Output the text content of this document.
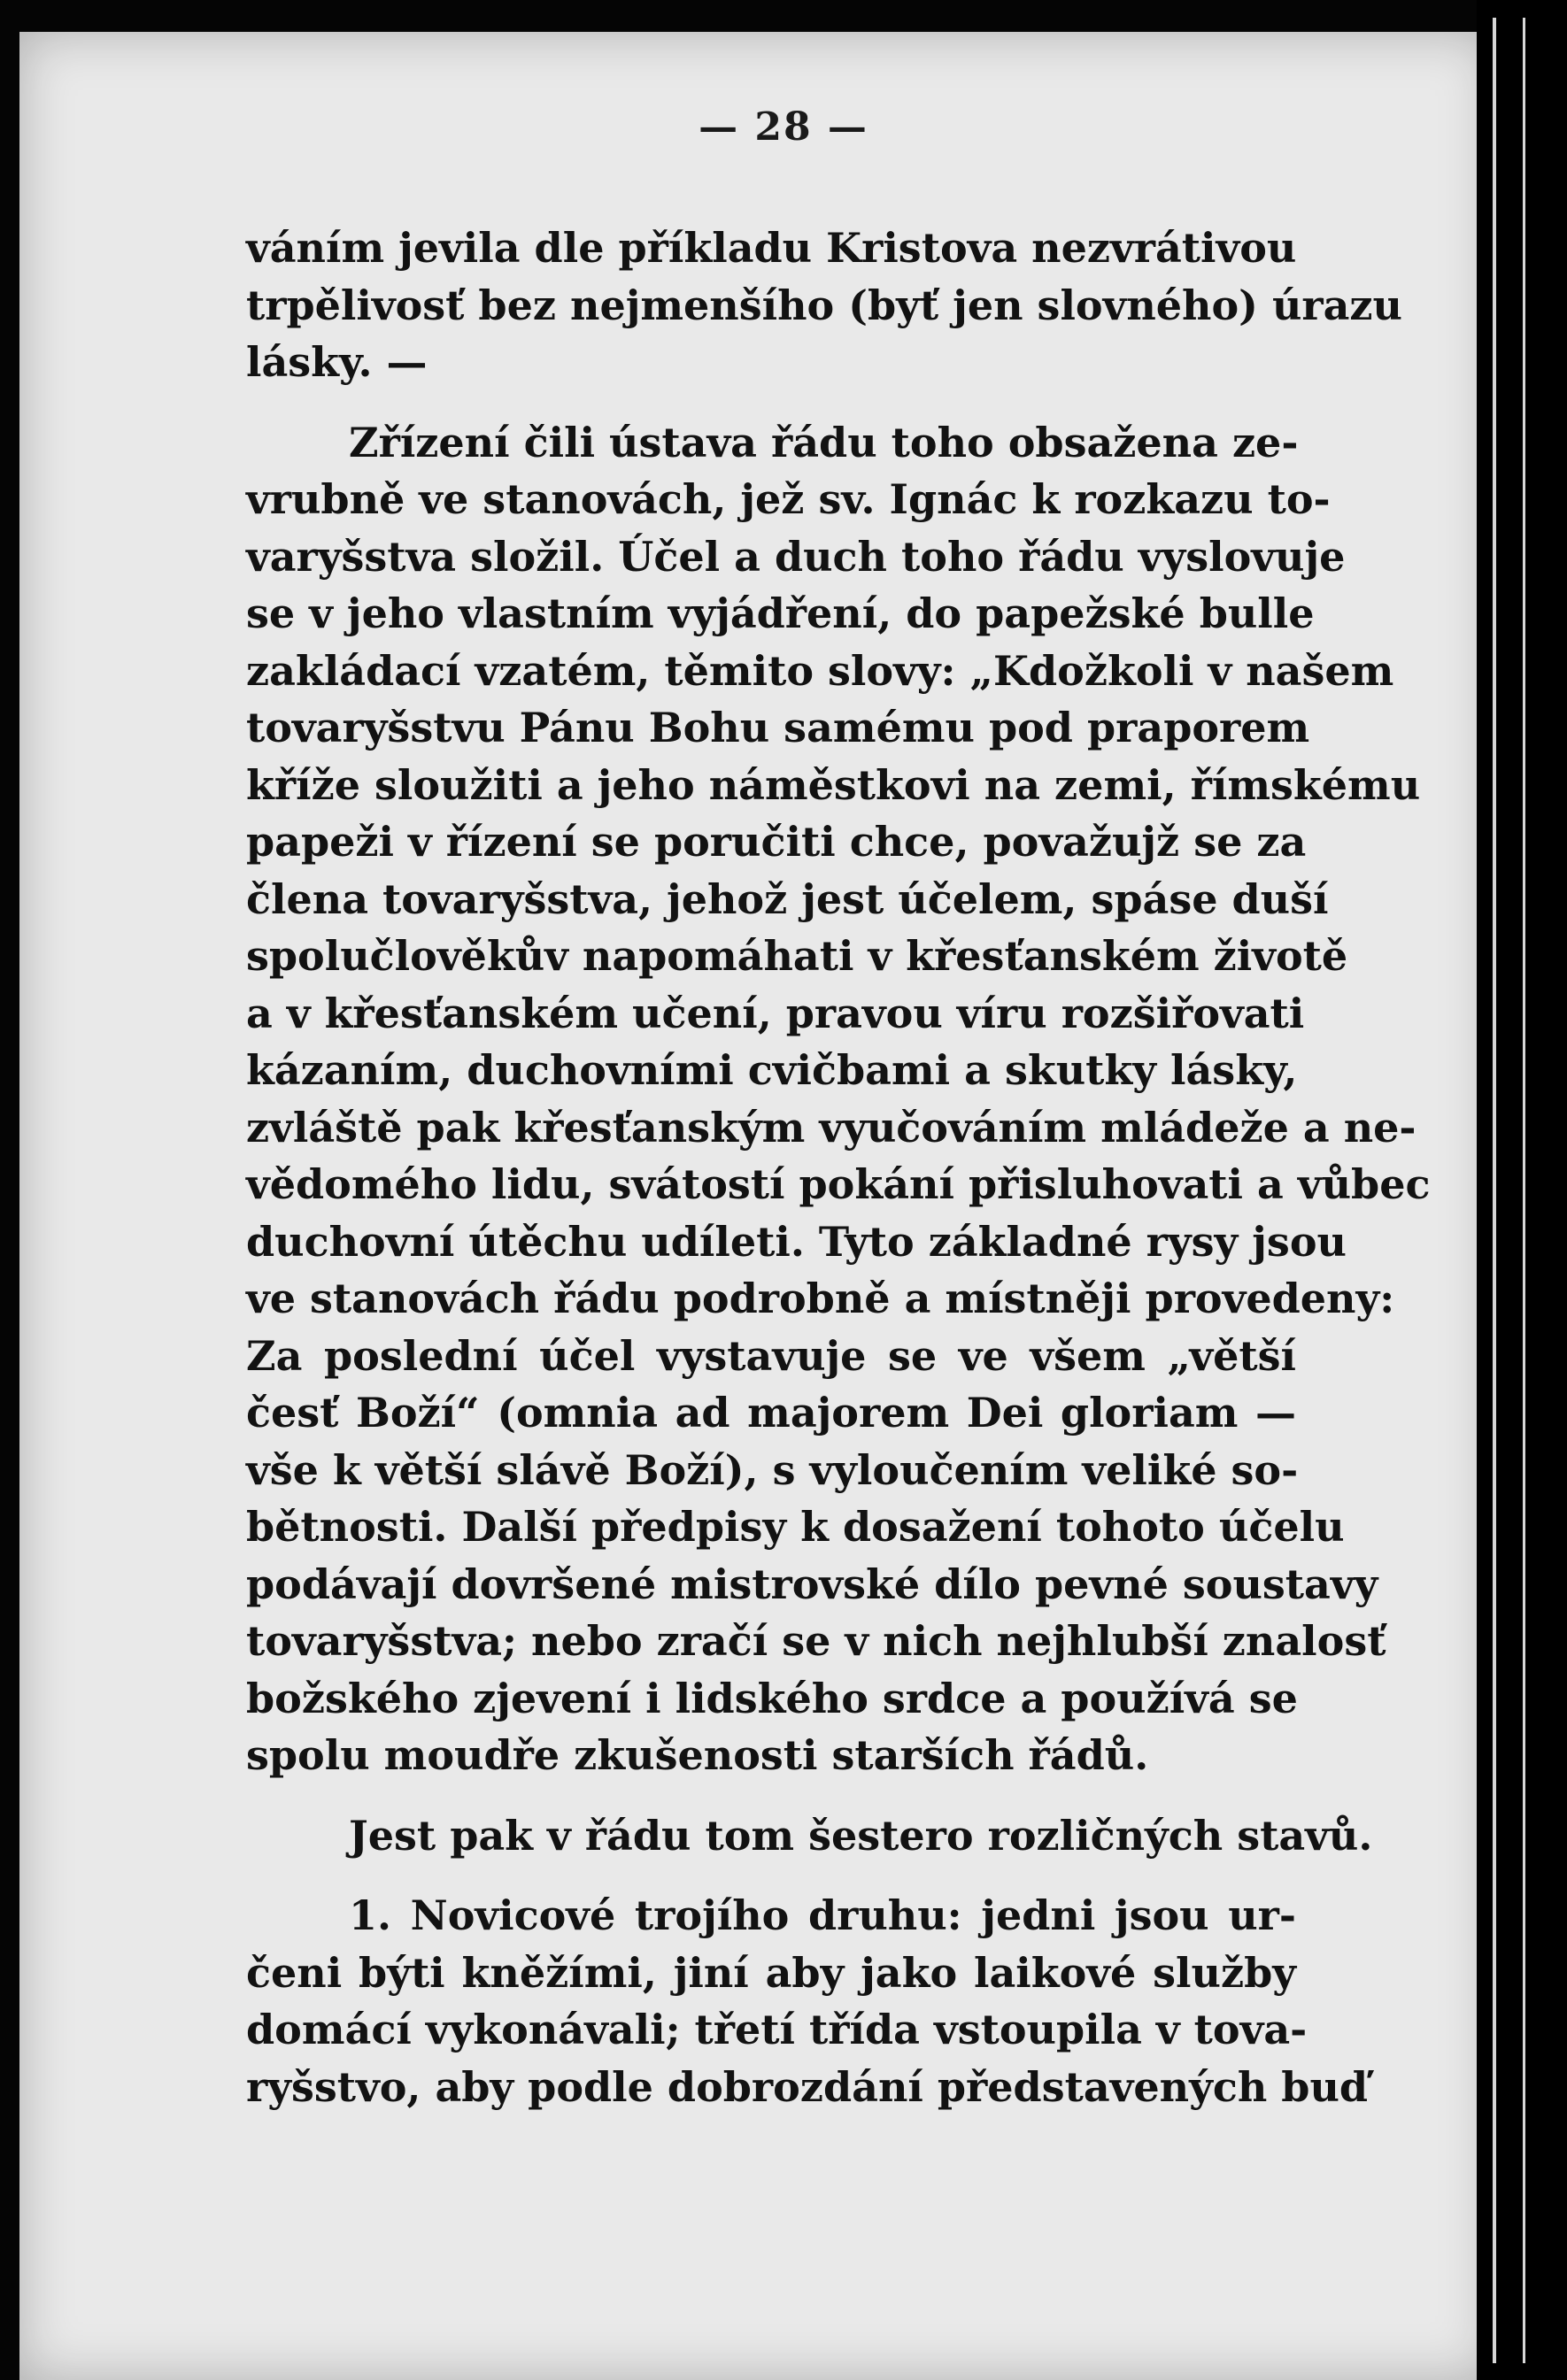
— 28 —

váním jevila dle příkladu Kristova nezvrátivou
trpělivosť bez nejmenšího (byť jen slovného) úrazu
lásky. —

Zřízení čili ústava řádu toho obsažena ze-
vrubně ve stanovách, jež sv. Ignác k rozkazu to-
varyšstva složil. Účel a duch toho řádu vyslovuje
se v jeho vlastním vyjádření, do papežské bulle
zakládací vzatém, těmito slovy: „Kdožkoli v našem
tovaryšstvu Pánu Bohu samému pod praporem
kříže sloužiti a jeho náměstkovi na zemi, římskému
papeži v řízení se poručiti chce, považujž se za
člena tovaryšstva, jehož jest účelem, spáse duší
spolučlověkův napomáhati v křesťanském životě
a v křesťanském učení, pravou víru rozšiřovati
kázaním, duchovními cvičbami a skutky lásky,
zvláště pak křesťanským vyučováním mládeže a ne-
vědomého lidu, svátostí pokání přisluhovati a vůbec
duchovní útěchu udíleti. Tyto základné rysy jsou
ve stanovách řádu podrobně a místněji provedeny:
Za poslední účel vystavuje se ve všem „větší
česť Boží“ (omnia ad majorem Dei gloriam —
vše k větší slávě Boží), s vyloučením veliké so-
bětnosti. Další předpisy k dosažení tohoto účelu
podávají dovršené mistrovské dílo pevné soustavy
tovaryšstva; nebo zračí se v nich nejhlubší znalosť
božského zjevení i lidského srdce a používá se
spolu moudře zkušenosti starších řádů.

Jest pak v řádu tom šestero rozličných stavů.

1. Novicové trojího druhu: jedni jsou ur-
čeni býti kněžími, jiní aby jako laikové služby
domácí vykonávali; třetí třída vstoupila v tova-
ryšstvo, aby podle dobrozdání představených buď
